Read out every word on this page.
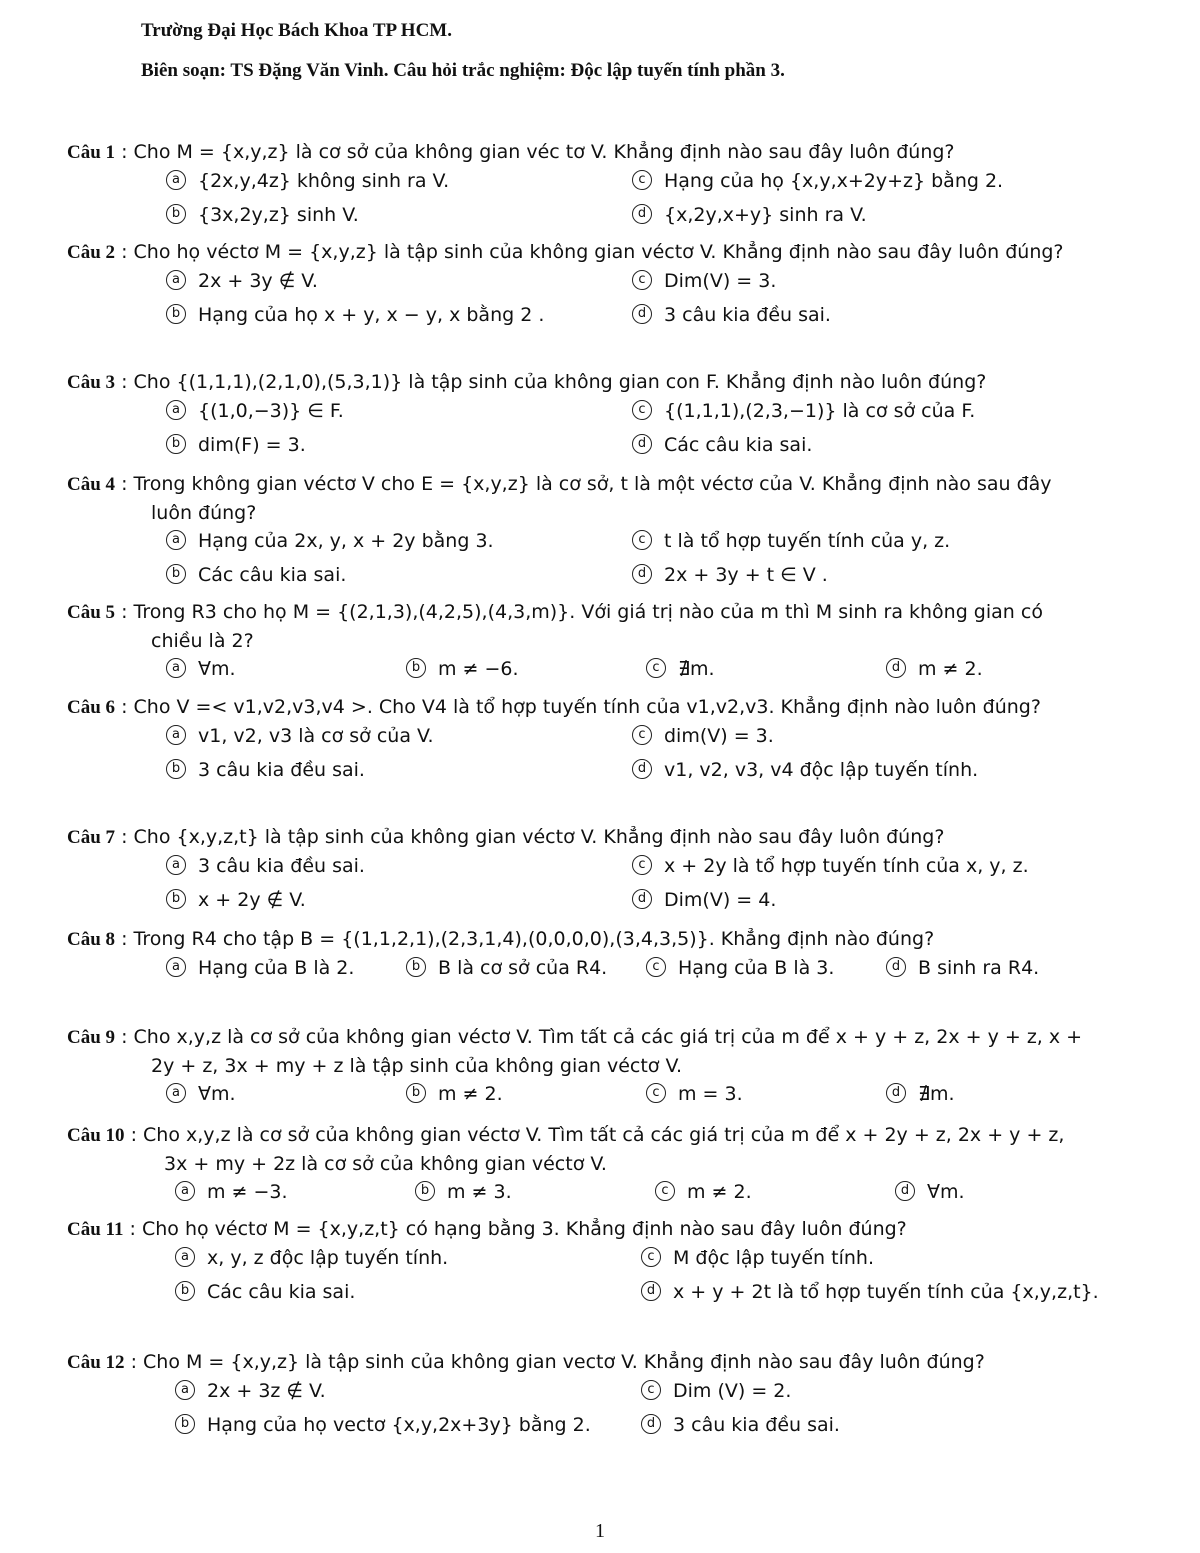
Trường Đại Học Bách Khoa TP HCM.
Biên soạn: TS Đặng Văn Vinh. Câu hỏi trắc nghiệm: Độc lập tuyến tính phần 3.
Câu 1 : Cho M = {x,y,z} là cơ sở của không gian véc tơ V. Khẳng định nào sau đây luôn đúng?
a {2x,y,4z} không sinh ra V.	c Hạng của họ {x,y,x+2y+z} bằng 2.
b {3x,2y,z} sinh V.	d {x,2y,x+y} sinh ra V.
Câu 2 : Cho họ véctơ M = {x,y,z} là tập sinh của không gian véctơ V. Khẳng định nào sau đây luôn đúng?
a 2x + 3y ∉ V.	c Dim(V) = 3.
b Hạng của họ x + y, x − y, x bằng 2 .	d 3 câu kia đều sai.
Câu 3 : Cho {(1,1,1),(2,1,0),(5,3,1)} là tập sinh của không gian con F. Khẳng định nào luôn đúng?
a {(1,0,−3)} ∈ F.	c {(1,1,1),(2,3,−1)} là cơ sở của F.
b dim(F) = 3.	d Các câu kia sai.
Câu 4 : Trong không gian véctơ V cho E = {x,y,z} là cơ sở, t là một véctơ của V. Khẳng định nào sau đây luôn đúng?
a Hạng của 2x, y, x + 2y bằng 3.	c t là tổ hợp tuyến tính của y, z.
b Các câu kia sai.	d 2x + 3y + t ∈ V .
Câu 5 : Trong R3 cho họ M = {(2,1,3),(4,2,5),(4,3,m)}. Với giá trị nào của m thì M sinh ra không gian có chiều là 2?
a ∀m.	b m ≠ −6.	c ∄m.	d m ≠ 2.
Câu 6 : Cho V =< v1,v2,v3,v4 >. Cho V4 là tổ hợp tuyến tính của v1,v2,v3. Khẳng định nào luôn đúng?
a v1, v2, v3 là cơ sở của V.	c dim(V) = 3.
b 3 câu kia đều sai.	d v1, v2, v3, v4 độc lập tuyến tính.
Câu 7 : Cho {x,y,z,t} là tập sinh của không gian véctơ V. Khẳng định nào sau đây luôn đúng?
a 3 câu kia đều sai.	c x + 2y là tổ hợp tuyến tính của x, y, z.
b x + 2y ∉ V.	d Dim(V) = 4.
Câu 8 : Trong R4 cho tập B = {(1,1,2,1),(2,3,1,4),(0,0,0,0),(3,4,3,5)}. Khẳng định nào đúng?
a Hạng của B là 2.	b B là cơ sở của R4.	c Hạng của B là 3.	d B sinh ra R4.
Câu 9 : Cho x,y,z là cơ sở của không gian véctơ V. Tìm tất cả các giá trị của m để x + y + z, 2x + y + z, x + 2y + z, 3x + my + z là tập sinh của không gian véctơ V.
a ∀m.	b m ≠ 2.	c m = 3.	d ∄m.
Câu 10 : Cho x,y,z là cơ sở của không gian véctơ V. Tìm tất cả các giá trị của m để x + 2y + z, 2x + y + z, 3x + my + 2z là cơ sở của không gian véctơ V.
a m ≠ −3.	b m ≠ 3.	c m ≠ 2.	d ∀m.
Câu 11 : Cho họ véctơ M = {x,y,z,t} có hạng bằng 3. Khẳng định nào sau đây luôn đúng?
a x, y, z độc lập tuyến tính.	c M độc lập tuyến tính.
b Các câu kia sai.	d x + y + 2t là tổ hợp tuyến tính của {x,y,z,t}.
Câu 12 : Cho M = {x,y,z} là tập sinh của không gian vectơ V. Khẳng định nào sau đây luôn đúng?
a 2x + 3z ∉ V.	c Dim (V) = 2.
b Hạng của họ vectơ {x,y,2x+3y} bằng 2.	d 3 câu kia đều sai.
1
